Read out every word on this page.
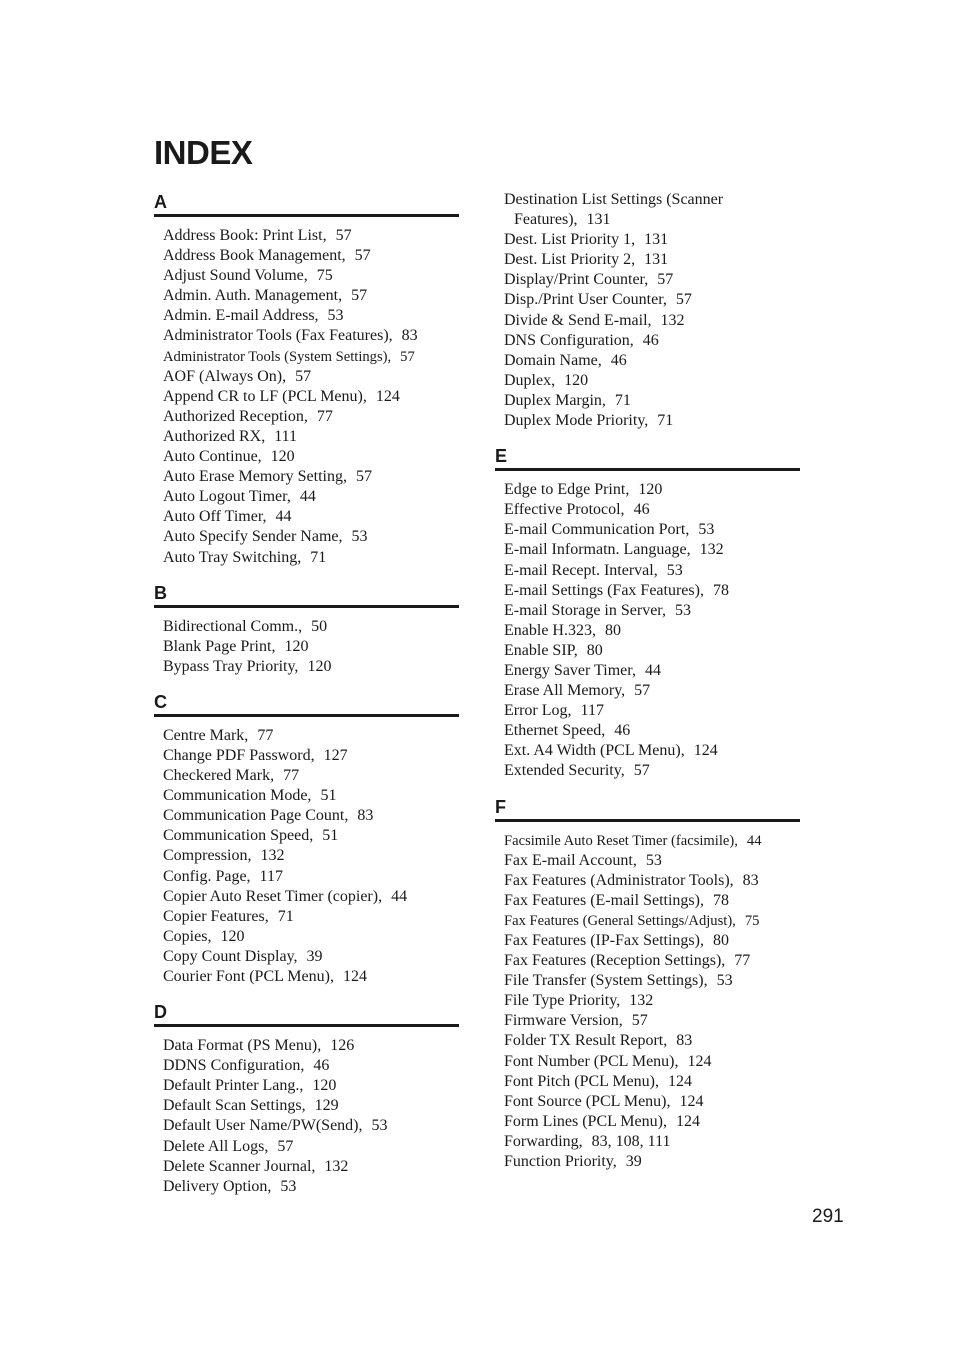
INDEX
A
Address Book: Print List, 57
Address Book Management, 57
Adjust Sound Volume, 75
Admin. Auth. Management, 57
Admin. E-mail Address, 53
Administrator Tools (Fax Features), 83
Administrator Tools (System Settings), 57
AOF (Always On), 57
Append CR to LF (PCL Menu), 124
Authorized Reception, 77
Authorized RX, 111
Auto Continue, 120
Auto Erase Memory Setting, 57
Auto Logout Timer, 44
Auto Off Timer, 44
Auto Specify Sender Name, 53
Auto Tray Switching, 71
B
Bidirectional Comm., 50
Blank Page Print, 120
Bypass Tray Priority, 120
C
Centre Mark, 77
Change PDF Password, 127
Checkered Mark, 77
Communication Mode, 51
Communication Page Count, 83
Communication Speed, 51
Compression, 132
Config. Page, 117
Copier Auto Reset Timer (copier), 44
Copier Features, 71
Copies, 120
Copy Count Display, 39
Courier Font (PCL Menu), 124
D
Data Format (PS Menu), 126
DDNS Configuration, 46
Default Printer Lang., 120
Default Scan Settings, 129
Default User Name/PW(Send), 53
Delete All Logs, 57
Delete Scanner Journal, 132
Delivery Option, 53
Destination List Settings (Scanner
Features), 131
Dest. List Priority 1, 131
Dest. List Priority 2, 131
Display/Print Counter, 57
Disp./Print User Counter, 57
Divide & Send E-mail, 132
DNS Configuration, 46
Domain Name, 46
Duplex, 120
Duplex Margin, 71
Duplex Mode Priority, 71
E
Edge to Edge Print, 120
Effective Protocol, 46
E-mail Communication Port, 53
E-mail Informatn. Language, 132
E-mail Recept. Interval, 53
E-mail Settings (Fax Features), 78
E-mail Storage in Server, 53
Enable H.323, 80
Enable SIP, 80
Energy Saver Timer, 44
Erase All Memory, 57
Error Log, 117
Ethernet Speed, 46
Ext. A4 Width (PCL Menu), 124
Extended Security, 57
F
Facsimile Auto Reset Timer (facsimile), 44
Fax E-mail Account, 53
Fax Features (Administrator Tools), 83
Fax Features (E-mail Settings), 78
Fax Features (General Settings/Adjust), 75
Fax Features (IP-Fax Settings), 80
Fax Features (Reception Settings), 77
File Transfer (System Settings), 53
File Type Priority, 132
Firmware Version, 57
Folder TX Result Report, 83
Font Number (PCL Menu), 124
Font Pitch (PCL Menu), 124
Font Source (PCL Menu), 124
Form Lines (PCL Menu), 124
Forwarding, 83, 108, 111
Function Priority, 39
291
